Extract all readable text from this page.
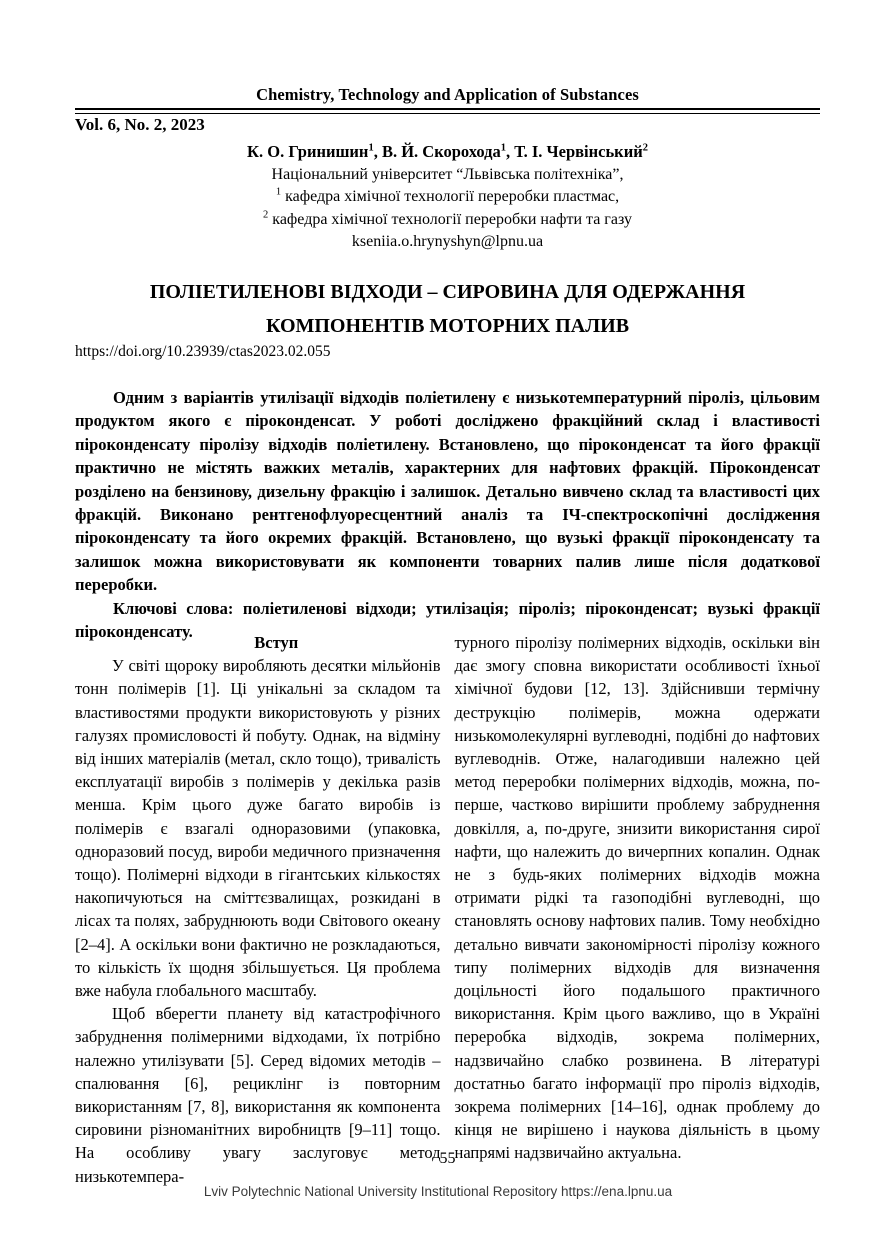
Chemistry, Technology and Application of Substances
Vol. 6, No. 2, 2023
К. О. Гринишин$^1$, В. Й. Скорохода$^1$, Т. І. Червінський$^2$
Національний університет “Львівська політехніка”,
$^1$ кафедра хімічної технології переробки пластмас,
$^2$ кафедра хімічної технології переробки нафти та газу
kseniia.o.hrynyshyn@lpnu.ua
ПОЛІЕТИЛЕНОВІ ВІДХОДИ – СИРОВИНА ДЛЯ ОДЕРЖАННЯ КОМПОНЕНТІВ МОТОРНИХ ПАЛИВ
https://doi.org/10.23939/ctas2023.02.055

Одним з варіантів утилізації відходів поліетилену є низькотемпературний піроліз, цільовим продуктом якого є піроконденсат. У роботі досліджено фракційний склад і властивості піроконденсату піролізу відходів поліетилену. Встановлено, що піроконденсат та його фракції практично не містять важких металів, характерних для нафтових фракцій. Піроконденсат розділено на бензинову, дизельну фракцію і залишок. Детально вивчено склад та властивості цих фракцій. Виконано рентгенофлуоресцентний аналіз та ІЧ-спектроскопічні дослідження піроконденсату та його окремих фракцій. Встановлено, що вузькі фракції піроконденсату та залишок можна використовувати як компоненти товарних палив лише після додаткової переробки.

Ключові слова: поліетиленові відходи; утилізація; піроліз; піроконденсат; вузькі фракції піроконденсату.

Вступ

У світі щороку виробляють десятки мільйонів тонн полімерів [1]. Ці унікальні за складом та властивостями продукти використовують у різних галузях промисловості й побуту. Однак, на відміну від інших матеріалів (метал, скло тощо), тривалість експлуатації виробів з полімерів у декілька разів менша. Крім цього дуже багато виробів із полімерів є взагалі одноразовими (упаковка, одноразовий посуд, вироби медичного призначення тощо). Полімерні відходи в гігантських кількостях накопичуються на сміттєзвалищах, розкидані в лісах та полях, забруднюють води Світового океану [2–4]. А оскільки вони фактично не розкладаються, то кількість їх щодня збільшується. Ця проблема вже набула глобального масштабу.

Щоб вберегти планету від катастрофічного забруднення полімерними відходами, їх потрібно належно утилізувати [5]. Серед відомих методів – спалювання [6], рециклінг із повторним використанням [7, 8], використання як компонента сировини різноманітних виробництв [9–11] тощо. На особливу увагу заслуговує метод низькотемпера-

турного піролізу полімерних відходів, оскільки він дає змогу сповна використати особливості їхньої хімічної будови [12, 13]. Здійснивши термічну деструкцію полімерів, можна одержати низькомолекулярні вуглеводні, подібні до нафтових вуглеводнів. Отже, налагодивши належно цей метод переробки полімерних відходів, можна, по-перше, частково вирішити проблему забруднення довкілля, а, по-друге, знизити використання сирої нафти, що належить до вичерпних копалин. Однак не з будь-яких полімерних відходів можна отримати рідкі та газоподібні вуглеводні, що становлять основу нафтових палив. Тому необхідно детально вивчати закономірності піролізу кожного типу полімерних відходів для визначення доцільності його подальшого практичного використання. Крім цього важливо, що в Україні переробка відходів, зокрема полімерних, надзвичайно слабко розвинена. В літературі достатньо багато інформації про піроліз відходів, зокрема полімерних [14–16], однак проблему до кінця не вирішено і наукова діяльність в цьому напрямі надзвичайно актуальна.

55
Lviv Polytechnic National University Institutional Repository https://ena.lpnu.ua
